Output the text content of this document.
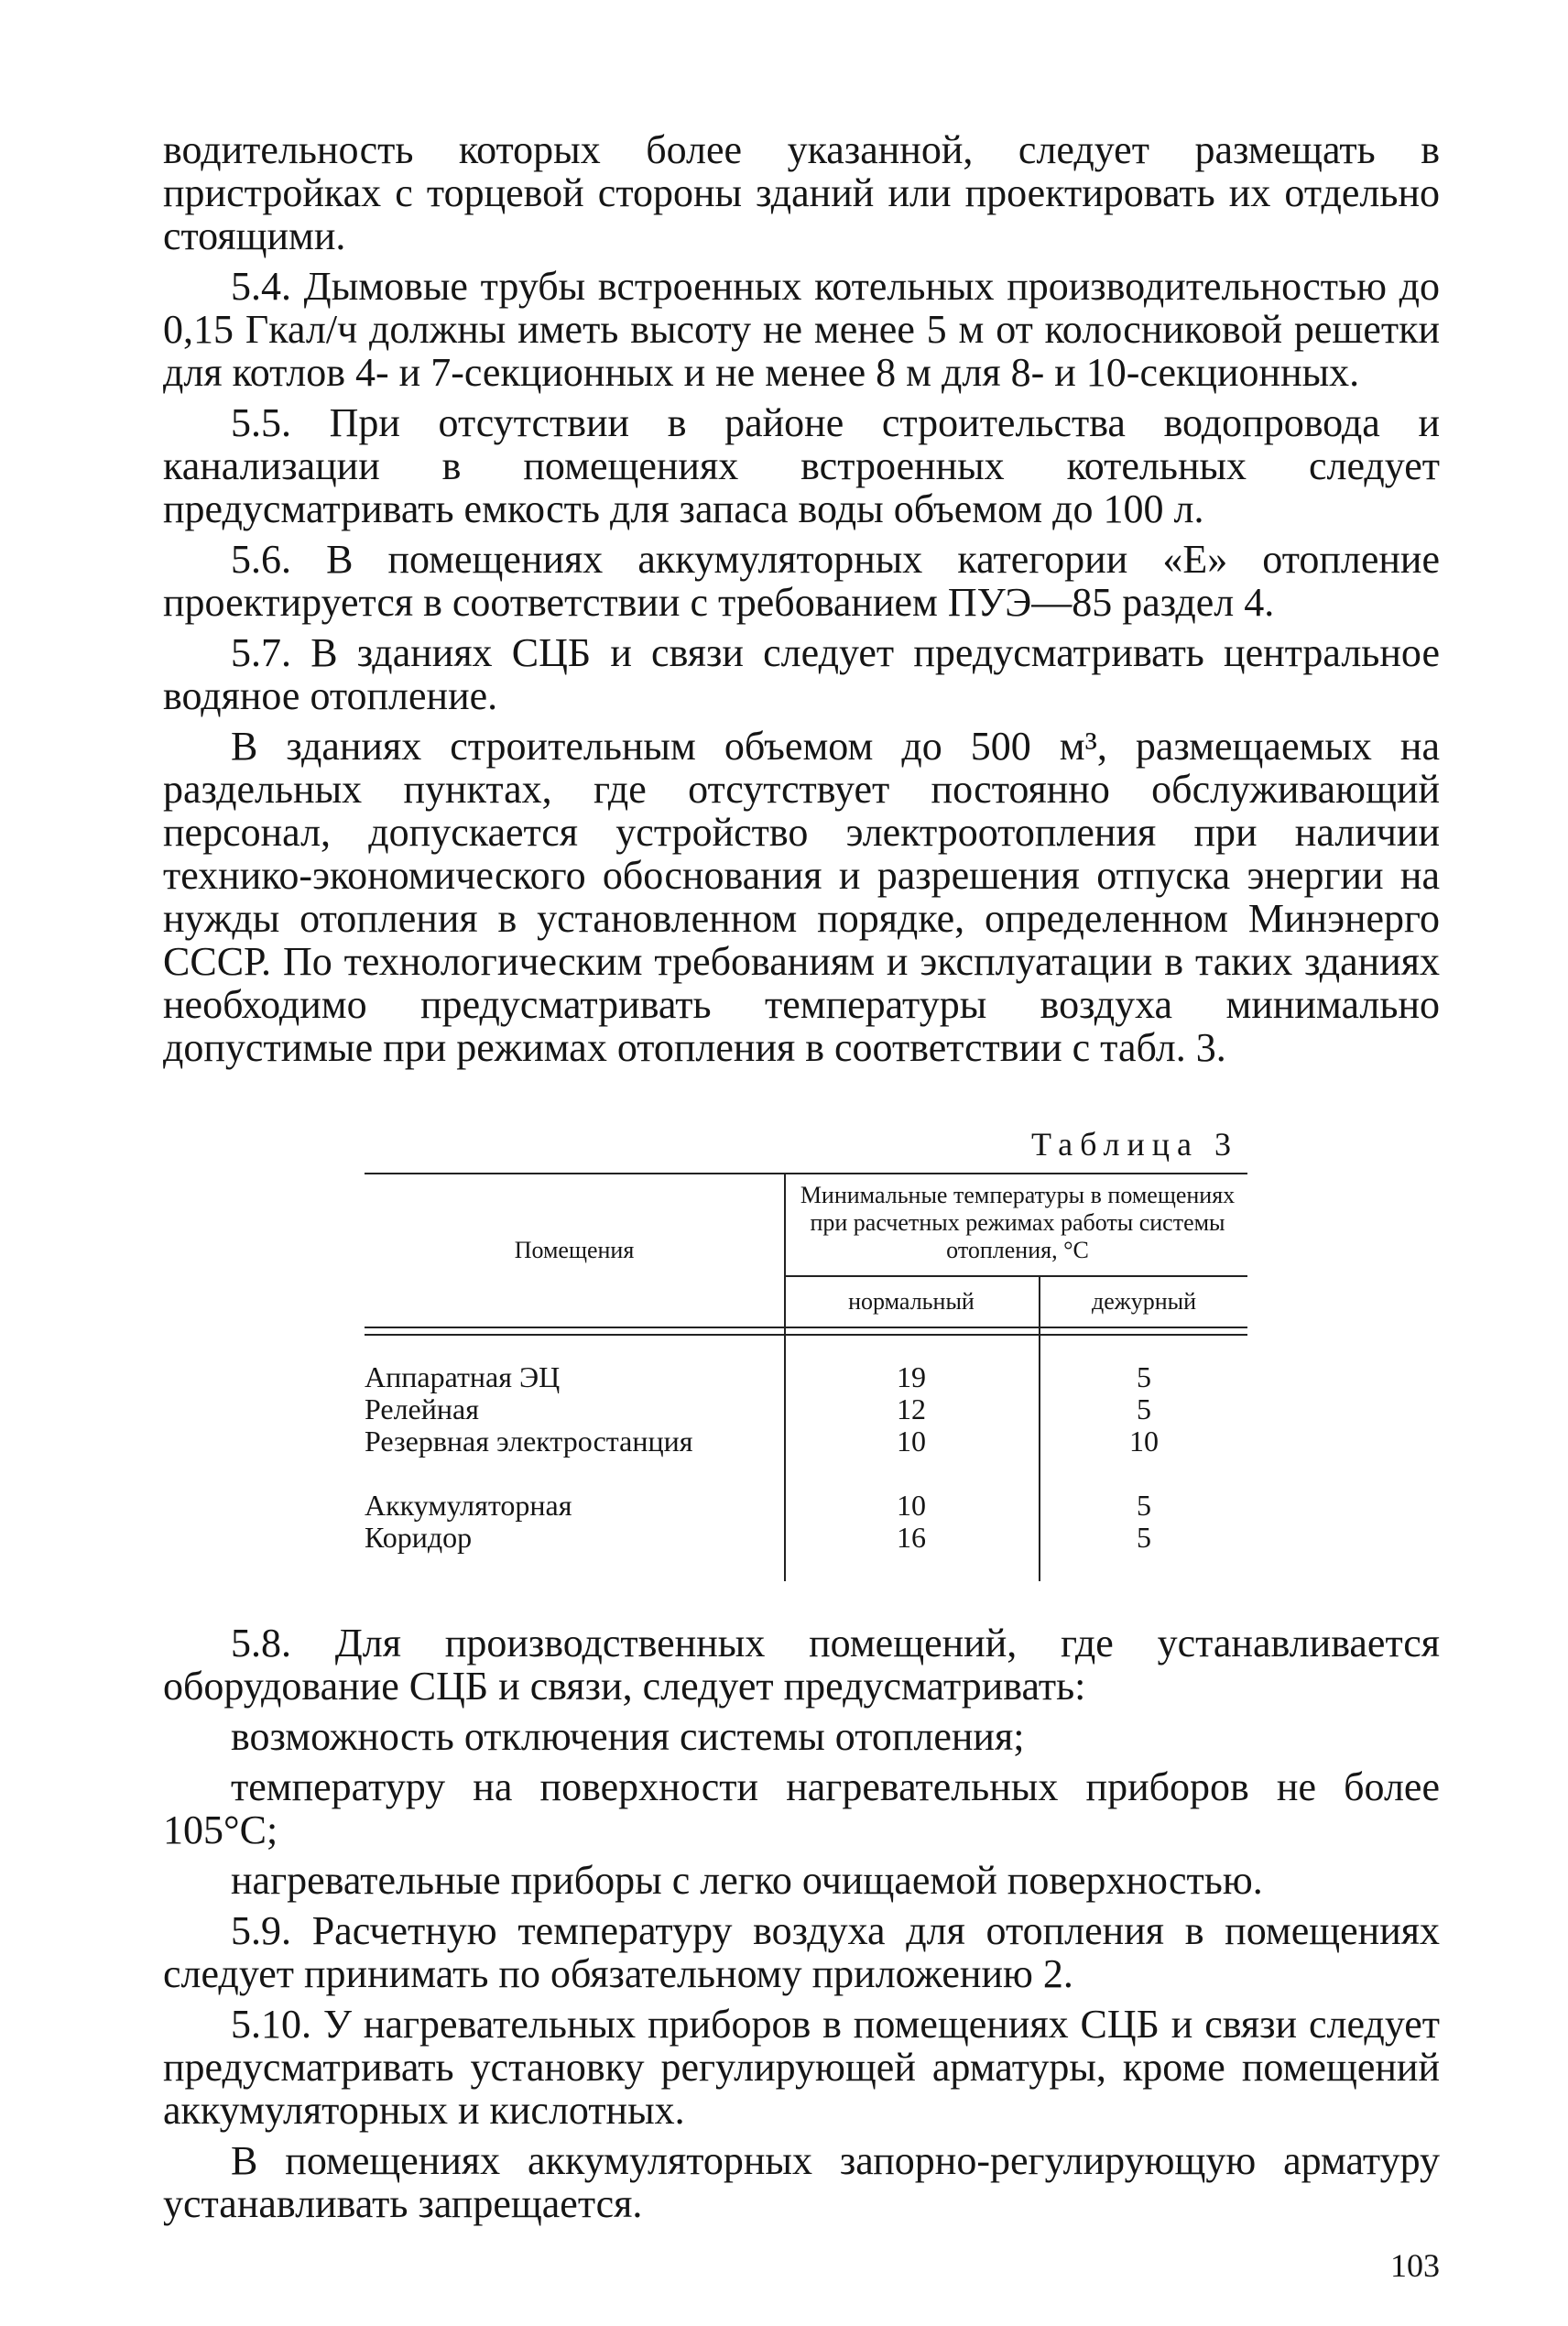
водительность которых более указанной, следует размещать в пристройках с торцевой стороны зданий или проектировать их отдельно стоящими.

5.4. Дымовые трубы встроенных котельных производительностью до 0,15 Гкал/ч должны иметь высоту не менее 5 м от колосниковой решетки для котлов 4- и 7-секционных и не менее 8 м для 8- и 10-секционных.

5.5. При отсутствии в районе строительства водопровода и канализации в помещениях встроенных котельных следует предусматривать емкость для запаса воды объемом до 100 л.

5.6. В помещениях аккумуляторных категории «Е» отопление проектируется в соответствии с требованием ПУЭ—85 раздел 4.

5.7. В зданиях СЦБ и связи следует предусматривать центральное водяное отопление.

В зданиях строительным объемом до 500 м³, размещаемых на раздельных пунктах, где отсутствует постоянно обслуживающий персонал, допускается устройство электроотопления при наличии технико-экономического обоснования и разрешения отпуска энергии на нужды отопления в установленном порядке, определенном Минэнерго СССР. По технологическим требованиям и эксплуатации в таких зданиях необходимо предусматривать температуры воздуха минимально допустимые при режимах отопления в соответствии с табл. 3.

Таблица 3
Помещения
Минимальные температуры в помещениях при расчетных режимах работы системы отопления, °С
нормальный	дежурный
Аппаратная ЭЦ	19	5
Релейная	12	5
Резервная электростанция	10	10
Аккумуляторная	10	5
Коридор	16	5

5.8. Для производственных помещений, где устанавливается оборудование СЦБ и связи, следует предусматривать:

возможность отключения системы отопления;

температуру на поверхности нагревательных приборов не более 105°С;

нагревательные приборы с легко очищаемой поверхностью.

5.9. Расчетную температуру воздуха для отопления в помещениях следует принимать по обязательному приложению 2.

5.10. У нагревательных приборов в помещениях СЦБ и связи следует предусматривать установку регулирующей арматуры, кроме помещений аккумуляторных и кислотных.

В помещениях аккумуляторных запорно-регулирующую арматуру устанавливать запрещается.

103
